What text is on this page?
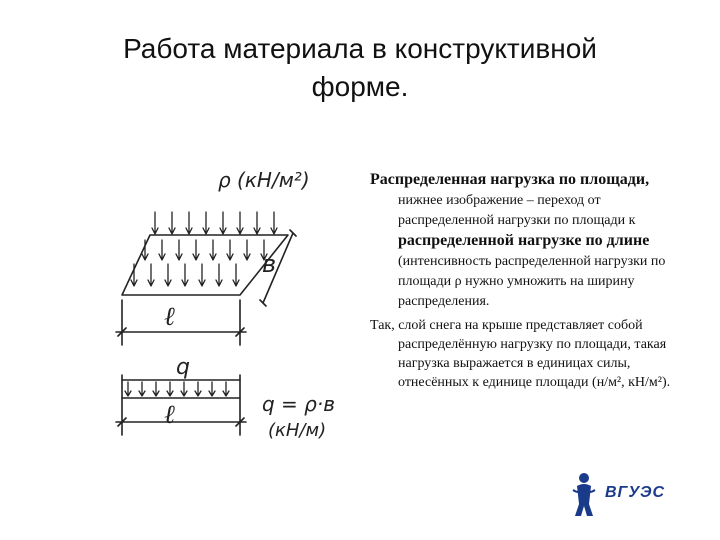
Работа материала в конструктивной
форме.
ρ (кН/м²)
в
ℓ
q
ℓ	q = ρ·в
(кН/м)

Распределенная нагрузка по площади, нижнее изображение – переход от распределенной нагрузки по площади к распределенной нагрузке по длине (интенсивность распределенной нагрузки по площади ρ нужно умножить на ширину распределения.

Так, слой снега на крыше представляет собой распределённую нагрузку по площади, такая нагрузка выражается в единицах силы, отнесённых к единице площади (н/м², кН/м²).

ВГУЭС
